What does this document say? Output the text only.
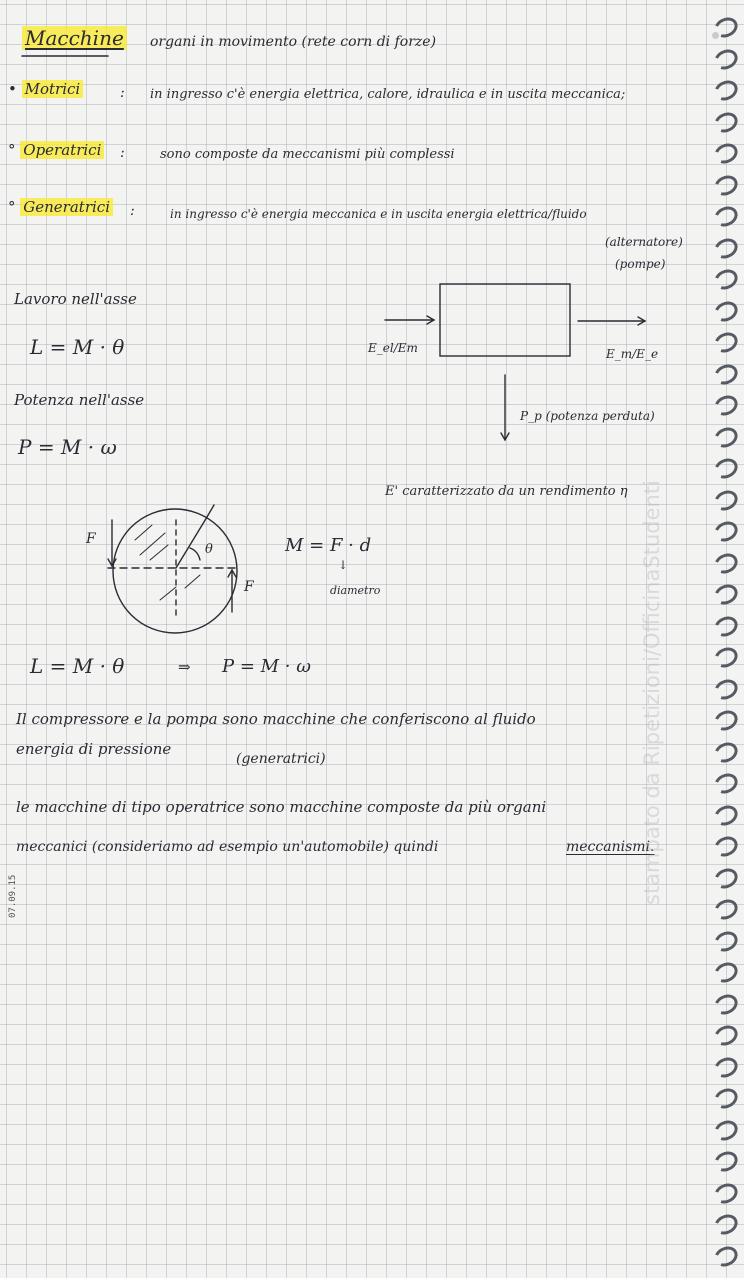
Macchine organi in movimento (rete corn di forze)
• Motrici	: in ingresso c'è energia elettrica, calore, idraulica e in uscita meccanica;
° Operatrici :	sono composte da meccanismi più complessi
° Generatrici :	in ingresso c'è energia meccanica e in uscita energia elettrica/fluido
(alternatore)
(pompe)
Lavoro nell'asse
L = M · θ
Potenza nell'asse
P = M · ω
E_el/Em	E_m/E_e
P_p (potenza perduta)
E' caratterizzato da un rendimento η
F
θ
F
M = F · d
↓
diametro
L = M · θ	⇒ P = M · ω
Il compressore e la pompa sono macchine che conferiscono al fluido
energia di pressione
(generatrici)
le macchine di tipo operatrice sono macchine composte da più organi
meccanici (consideriamo ad esempio un'automobile) quindi	meccanismi.
07.09.15	stampato da Ripetizioni/OfficinaStudenti
